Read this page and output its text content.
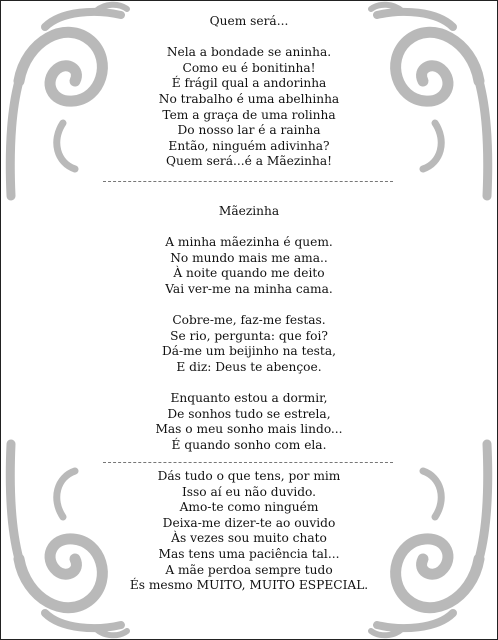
Quem será...
Nela a bondade se aninha.
Como eu é bonitinha!
É frágil qual a andorinha
No trabalho é uma abelhinha
Tem a graça de uma rolinha
Do nosso lar é a rainha
Então, ninguém adivinha?
Quem será...é a Mãezinha!
Mãezinha
A minha mãezinha é quem.
No mundo mais me ama..
À noite quando me deito
Vai ver-me na minha cama.
Cobre-me, faz-me festas.
Se rio, pergunta: que foi?
Dá-me um beijinho na testa,
E diz: Deus te abençoe.
Enquanto estou a dormir,
De sonhos tudo se estrela,
Mas o meu sonho mais lindo...
É quando sonho com ela.
Dás tudo o que tens, por mim
Isso aí eu não duvido.
Amo-te como ninguém
Deixa-me dizer-te ao ouvido
Às vezes sou muito chato
Mas tens uma paciência tal...
A mãe perdoa sempre tudo
És mesmo MUITO, MUITO ESPECIAL.
